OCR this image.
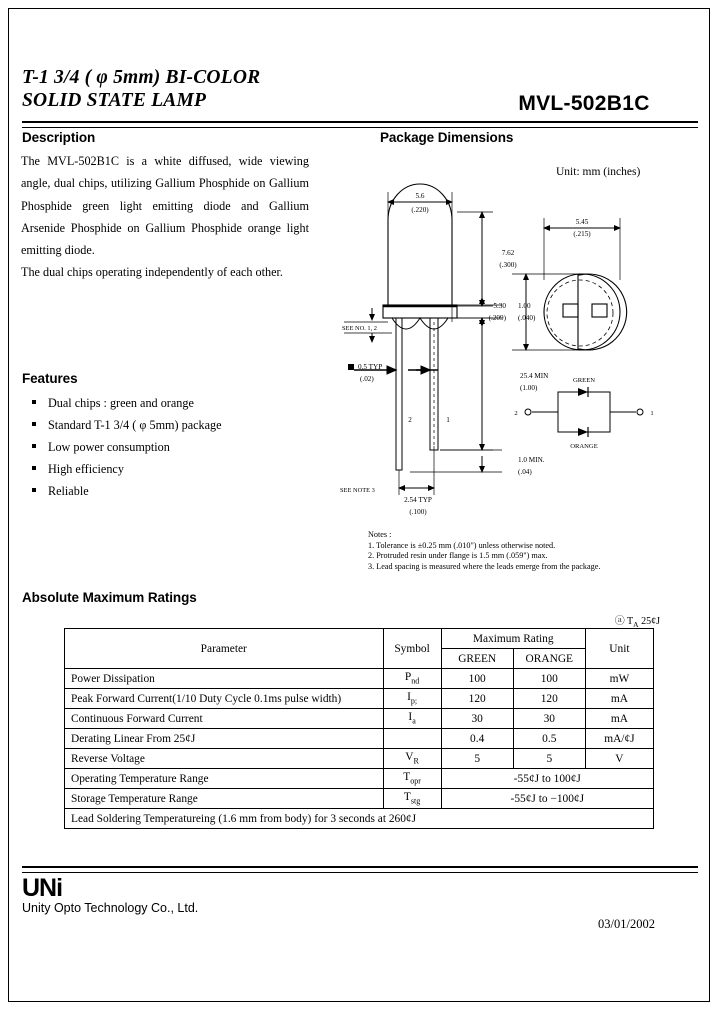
T-1 3/4 ( φ 5mm) BI-COLOR
SOLID STATE LAMP	MVL-502B1C
Description

The MVL-502B1C is a white diffused, wide viewing angle, dual chips, utilizing Gallium Phosphide on Gallium Phosphide green light emitting diode and Gallium Arsenide Phosphide on Gallium Phosphide orange light emitting diode.

The dual chips operating independently of each other.

Features
Dual chips : green and orange
Standard T-1 3/4 ( φ 5mm) package
Low power consumption
High efficiency
Reliable
Package Dimensions
Unit: mm (inches)
5.6
(.220)
7.62
(.300)
1.00
(.040)
25.4 MIN
(1.00)
1.0 MIN.
(.04)
0.5 TYP
(.02)
2.54 TYP
(.100)
5.45
(.215)
5.30
(.209)
SEE NO. 1, 2
SEE NOTE 3
2	1
GREEN
ORANGE
2	1
Notes :
1. Tolerance is ±0.25 mm (.010") unless otherwise noted.
2. Protruded resin under flange is 1.5 mm (.059") max.
3. Lead spacing is measured where the leads emerge from the package.
Absolute Maximum Ratings
ⓐ $T_A$ 25¢J
Parameter	Symbol	Maximum Rating		Unit
		GREEN	ORANGE	
Power Dissipation	$P_{nd}$	100	100	mW
Peak Forward Current(1/10 Duty Cycle 0.1ms pulse width)	$I_{p;}$	120	120	mA
Continuous Forward Current	$I_a$	30	30	mA
Derating Linear From 25¢J		0.4	0.5	mA/¢J
Reverse Voltage	$V_R$	5	5	V
Operating Temperature Range	$T_{opr}$	-55¢J to 100¢J		
Storage Temperature Range	$T_{stg}$	-55¢J to −100¢J		
Lead Soldering Temperatureing (1.6 mm from body) for 3 seconds at 260¢J				
UNi
Unity Opto Technology Co., Ltd.
03/01/2002
